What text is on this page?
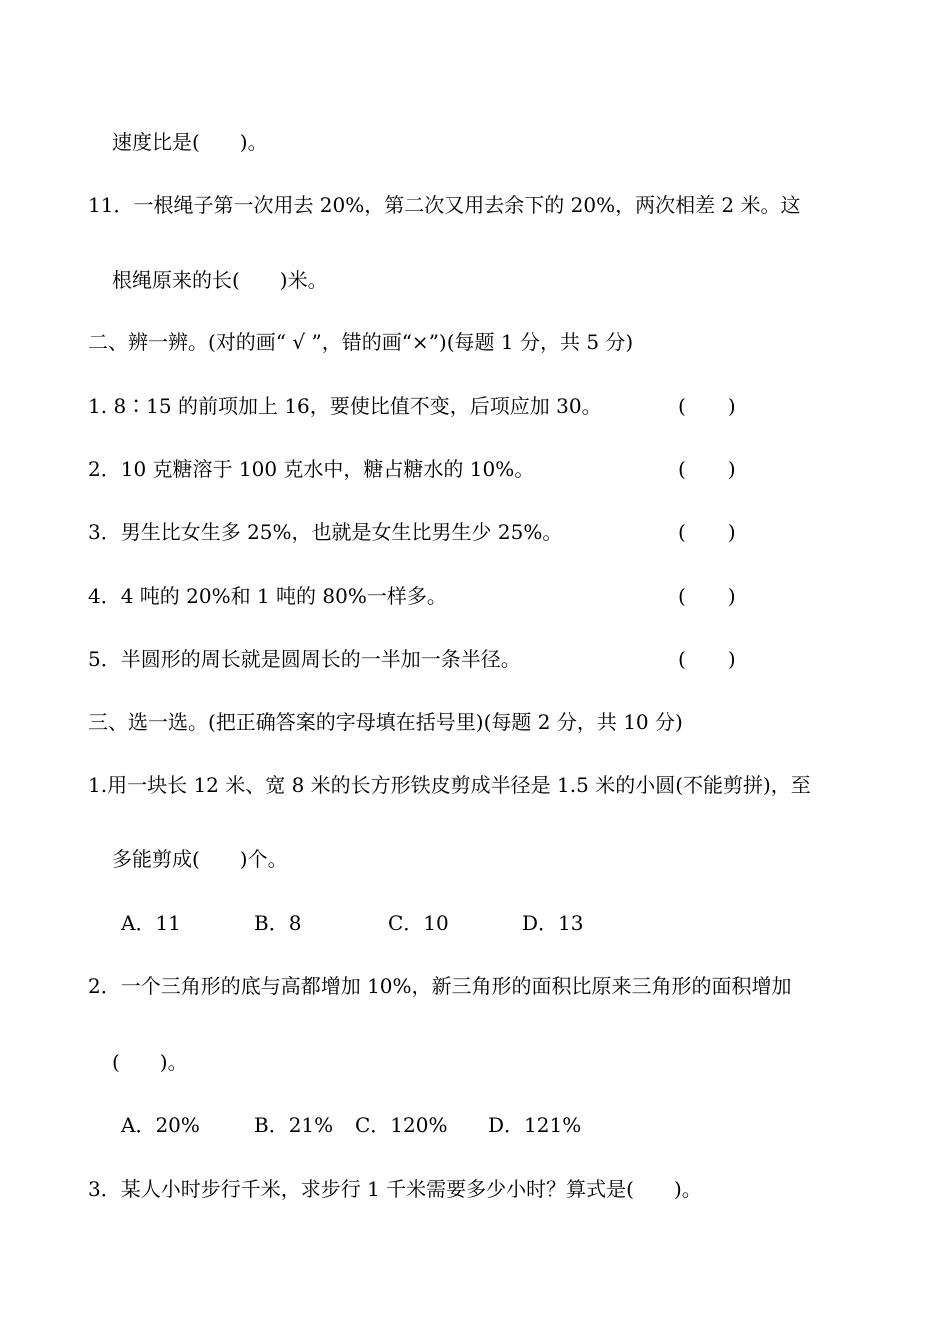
速度比是(　　)。
11．一根绳子第一次用去 20%，第二次又用去余下的 20%，两次相差 2 米。这
根绳原来的长(　　)米。
二、辨一辨。(对的画“ √ ”，错的画“×”)(每题 1 分，共 5 分)
1. 8∶15 的前项加上 16，要使比值不变，后项应加 30。	( )
2．10 克糖溶于 100 克水中，糖占糖水的 10%。	( )
3．男生比女生多 25%，也就是女生比男生少 25%。	( )
4．4 吨的 20%和 1 吨的 80%一样多。	( )
5．半圆形的周长就是圆周长的一半加一条半径。	( )
三、选一选。(把正确答案的字母填在括号里)(每题 2 分，共 10 分)
1.用一块长 12 米、宽 8 米的长方形铁皮剪成半径是 1.5 米的小圆(不能剪拼)，至
多能剪成(　　)个。
A．11	B．8	C．10	D．13
2．一个三角形的底与高都增加 10%，新三角形的面积比原来三角形的面积增加
(　　)。
A．20%	B．21% C．120% D．121%
3．某人小时步行千米，求步行 1 千米需要多少小时？算式是(　　)。
